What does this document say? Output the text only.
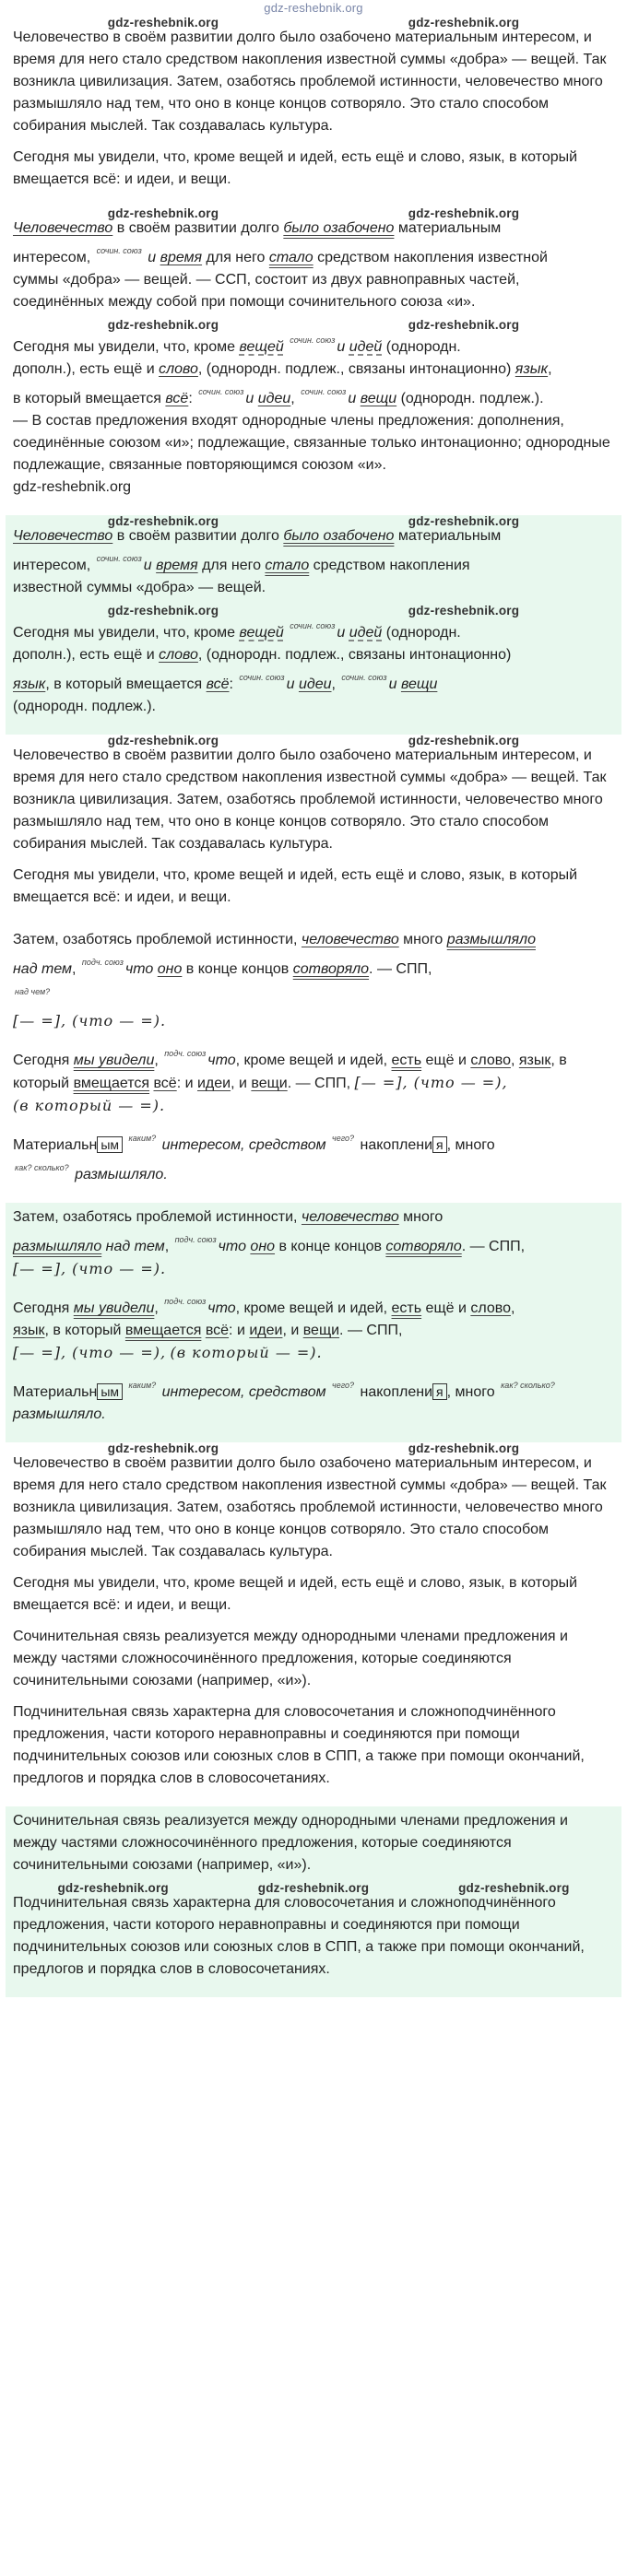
gdz-reshebnik.org
gdz-reshebnik.org	gdz-reshebnik.org

Человечество в своём развитии долго было озабочено материальным интересом, и время для него стало средством накопления известной суммы «добра» — вещей. Так возникла цивилизация. Затем, озаботясь проблемой истинности, человечество много размышляло над тем, что оно в конце концов сотворяло. Это стало способом собирания мыслей. Так создавалась культура.

Сегодня мы увидели, что, кроме вещей и идей, есть ещё и слово, язык, в который вмещается всё: и идеи, и вещи.

gdz-reshebnik.org	gdz-reshebnik.org
Человечество в своём развитии долго было озабочено материальным
интересом, $^{сочин. союз}$ и время для него стало средством накопления известной
суммы «добра» — вещей. — ССП, состоит из двух равноправных частей, соединённых между собой при помощи сочинительного союза «и».
gdz-reshebnik.org	gdz-reshebnik.org
Сегодня мы увидели, что, кроме вещей $^{сочин. союз}$ и идей (однородн.
дополн.), есть ещё и слово, (однородн. подлеж., связаны интонационно) язык,
в который вмещается всё: $^{сочин. союз}$ и идеи, $^{сочин. союз}$ и вещи (однородн. подлеж.).
— В состав предложения входят однородные члены предложения: дополнения, соединённые союзом «и»; подлежащие, связанные только интонационно; однородные подлежащие, связанные повторяющимся союзом «и».
gdz-reshebnik.org
gdz-reshebnik.org	gdz-reshebnik.org
Человечество в своём развитии долго было озабочено материальным
интересом, $^{сочин. союз}$ и время для него стало средством накопления
известной суммы «добра» — вещей.
gdz-reshebnik.org	gdz-reshebnik.org
Сегодня мы увидели, что, кроме вещей $^{сочин. союз}$ и идей (однородн.
дополн.), есть ещё и слово, (однородн. подлеж., связаны интонационно)
язык, в который вмещается всё: $^{сочин. союз}$ и идеи, $^{сочин. союз}$ и вещи
(однородн. подлеж.).
gdz-reshebnik.org	gdz-reshebnik.org

Человечество в своём развитии долго было озабочено материальным интересом, и время для него стало средством накопления известной суммы «добра» — вещей. Так возникла цивилизация. Затем, озаботясь проблемой истинности, человечество много размышляло над тем, что оно в конце концов сотворяло. Это стало способом собирания мыслей. Так создавалась культура.

Сегодня мы увидели, что, кроме вещей и идей, есть ещё и слово, язык, в который вмещается всё: и идеи, и вещи.

Затем, озаботясь проблемой истинности, человечество много размышляло
над тем, $^{подч. союз}$ что оно в конце концов сотворяло. — СПП,
$^{над чем?}$
[— =], (что — =).
Сегодня мы увидели, $^{подч. союз}$ что, кроме вещей и идей, есть ещё и слово, язык, в
который вмещается всё: и идеи, и вещи. — СПП, [— =], (что — =),
(в который — =).
Материальн ым $^{каким?}$ интересом, средством $^{чего?}$ накоплени я , много
$^{как? сколько?}$ размышляло.
Затем, озаботясь проблемой истинности, человечество много
размышляло над тем, $^{подч. союз}$ что оно в конце концов сотворяло. — СПП,
[— =], (что — =).
Сегодня мы увидели, $^{подч. союз}$ что, кроме вещей и идей, есть ещё и слово,
язык, в который вмещается всё: и идеи, и вещи. — СПП,
[— =], (что — =), (в который — =).
Материальн ым $^{каким?}$ интересом, средством $^{чего?}$ накоплени я , много $^{как? сколько?}$ размышляло.
gdz-reshebnik.org	gdz-reshebnik.org

Человечество в своём развитии долго было озабочено материальным интересом, и время для него стало средством накопления известной суммы «добра» — вещей. Так возникла цивилизация. Затем, озаботясь проблемой истинности, человечество много размышляло над тем, что оно в конце концов сотворяло. Это стало способом собирания мыслей. Так создавалась культура.

Сегодня мы увидели, что, кроме вещей и идей, есть ещё и слово, язык, в который вмещается всё: и идеи, и вещи.

Сочинительная связь реализуется между однородными членами предложения и между частями сложносочинённого предложения, которые соединяются сочинительными союзами (например, «и»).

Подчинительная связь характерна для словосочетания и сложноподчинённого предложения, части которого неравноправны и соединяются при помощи подчинительных союзов или союзных слов в СПП, а также при помощи окончаний, предлогов и порядка слов в словосочетаниях.

Сочинительная связь реализуется между однородными членами предложения и между частями сложносочинённого предложения, которые соединяются сочинительными союзами (например, «и»).

gdz-reshebnik.org	gdz-reshebnik.org	gdz-reshebnik.org

Подчинительная связь характерна для словосочетания и сложноподчинённого предложения, части которого неравноправны и соединяются при помощи подчинительных союзов или союзных слов в СПП, а также при помощи окончаний, предлогов и порядка слов в словосочетаниях.
